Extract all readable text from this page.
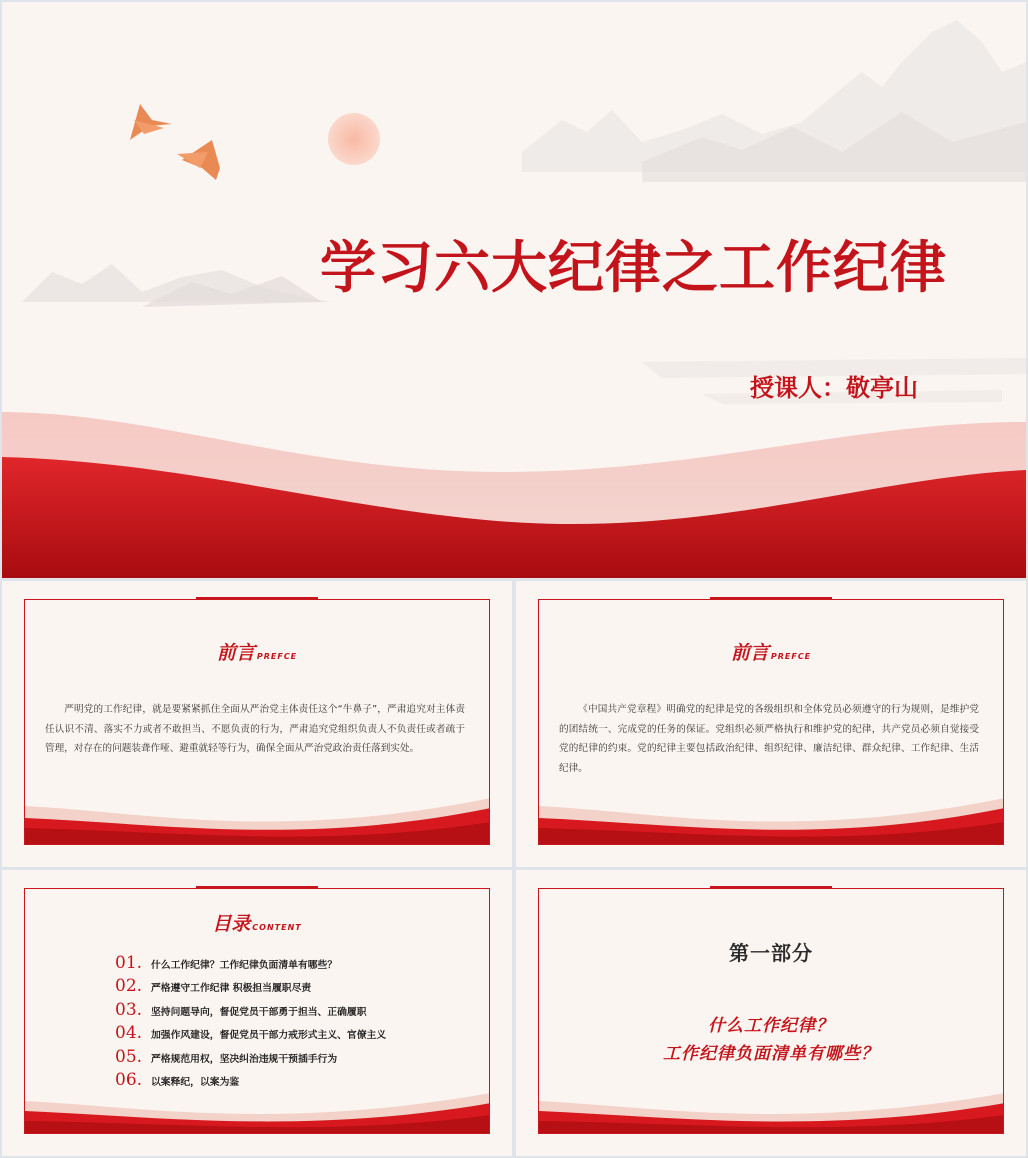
学习六大纪律之工作纪律
授课人：敬亭山
前言 PREFCE
严明党的工作纪律，就是要紧紧抓住全面从严治党主体责任这个“牛鼻子”，严肃追究对主体责任认识不清、落实不力或者不敢担当、不愿负责的行为，严肃追究党组织负责人不负责任或者疏于管理，对存在的问题装聋作哑、避重就轻等行为，确保全面从严治党政治责任落到实处。
前言 PREFCE
《中国共产党章程》明确党的纪律是党的各级组织和全体党员必须遵守的行为规则，是维护党的团结统一、完成党的任务的保证。党组织必须严格执行和维护党的纪律，共产党员必须自觉接受党的纪律的约束。党的纪律主要包括政治纪律、组织纪律、廉洁纪律、群众纪律、工作纪律、生活纪律。
目录 CONTENT
01. 什么工作纪律？工作纪律负面清单有哪些？
02. 严格遵守工作纪律 积极担当履职尽责
03. 坚持问题导向，督促党员干部勇于担当、正确履职
04. 加强作风建设，督促党员干部力戒形式主义、官僚主义
05. 严格规范用权，坚决纠治违规干预插手行为
06. 以案释纪，以案为鉴
第一部分
什么工作纪律？
工作纪律负面清单有哪些？
